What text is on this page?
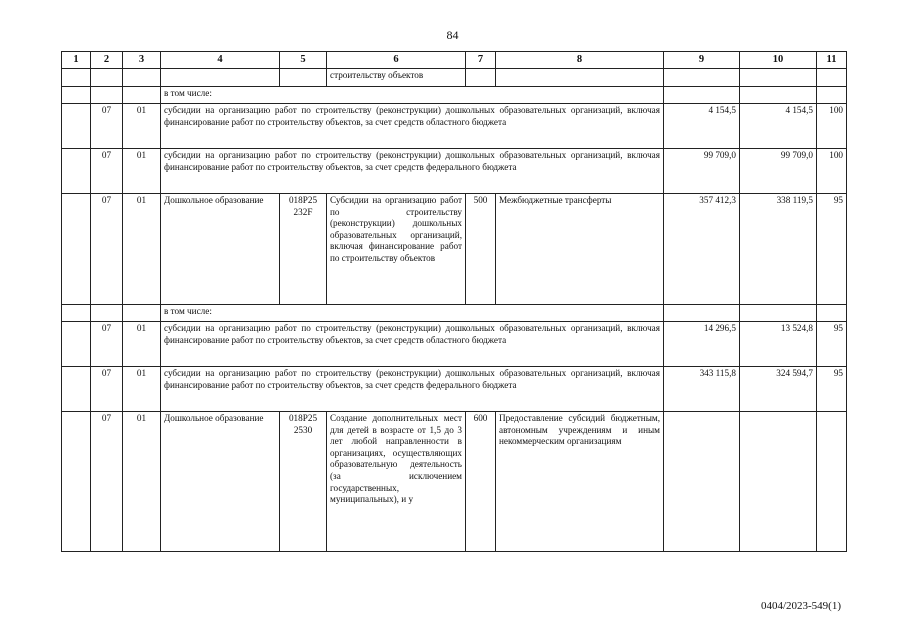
84
1	2	3	4	5	6	7	8	9	10	11
					строительству объектов					
			в том числе:							
	07	01	субсидии на организацию работ по строительству (реконструкции) дошкольных образовательных организаций, включая финансирование работ по строительству объектов, за счет средств областного бюджета					4 154,5	4 154,5	100
	07	01	субсидии на организацию работ по строительству (реконструкции) дошкольных образовательных организаций, включая финансирование работ по строительству объектов, за счет средств федерального бюджета					99 709,0	99 709,0	100
	07	01	Дошкольное образование	018P25 232F	Субсидии на организацию работ по строительству (реконструкции) дошкольных образовательных организаций, включая финансирование работ по строительству объектов	500	Межбюджетные трансферты	357 412,3	338 119,5	95
			в том числе:							
	07	01	субсидии на организацию работ по строительству (реконструкции) дошкольных образовательных организаций, включая финансирование работ по строительству объектов, за счет средств областного бюджета					14 296,5	13 524,8	95
	07	01	субсидии на организацию работ по строительству (реконструкции) дошкольных образовательных организаций, включая финансирование работ по строительству объектов, за счет средств федерального бюджета					343 115,8	324 594,7	95
	07	01	Дошкольное образование	018P25 2530	Создание дополнительных мест для детей в возрасте от 1,5 до 3 лет любой направленности в организациях, осуществляющих образовательную деятельность (за исключением государственных, муниципальных), и у	600	Предоставление субсидий бюджетным, автономным учреждениям и иным некоммерческим организациям			
0404/2023-549(1)
